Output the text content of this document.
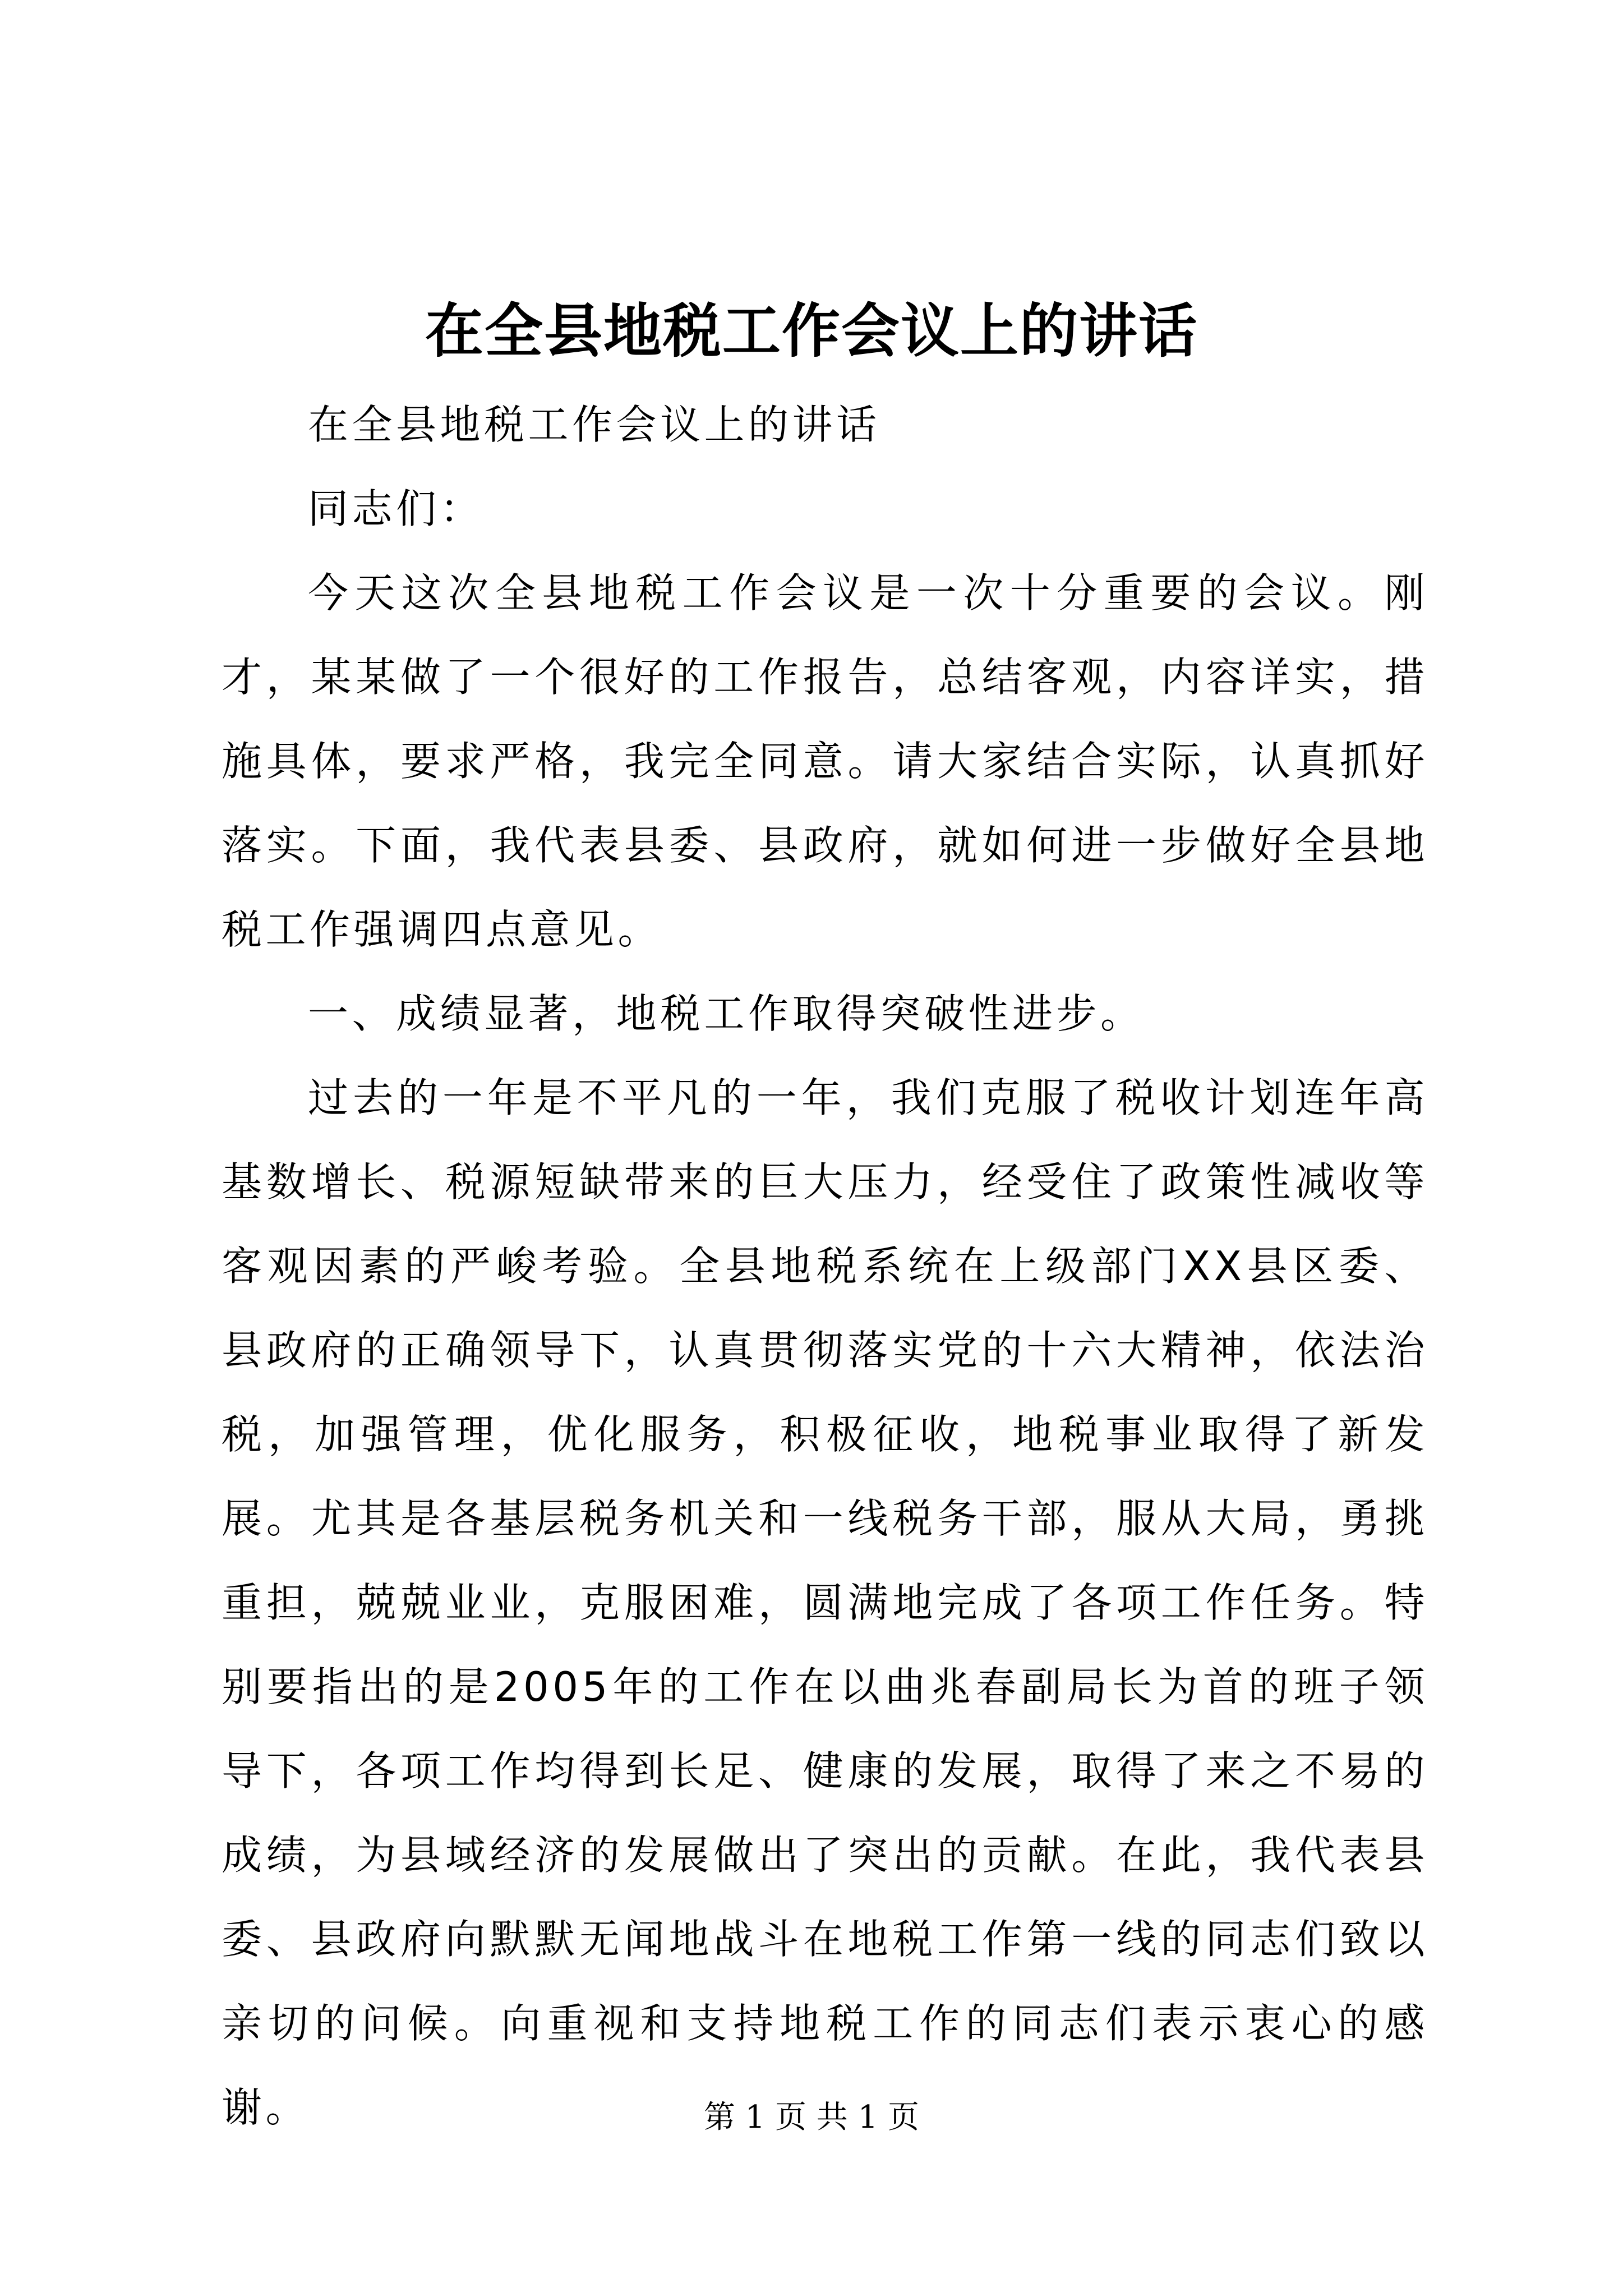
在全县地税工作会议上的讲话

在全县地税工作会议上的讲话

同志们：

今天这次全县地税工作会议是一次十分重要的会议。刚才，某某做了一个很好的工作报告，总结客观，内容详实，措施具体，要求严格，我完全同意。请大家结合实际，认真抓好落实。下面，我代表县委、县政府，就如何进一步做好全县地税工作强调四点意见。

一、成绩显著，地税工作取得突破性进步。

过去的一年是不平凡的一年，我们克服了税收计划连年高基数增长、税源短缺带来的巨大压力，经受住了政策性减收等客观因素的严峻考验。全县地税系统在上级部门XX县区委、县政府的正确领导下，认真贯彻落实党的十六大精神，依法治税，加强管理，优化服务，积极征收，地税事业取得了新发展。尤其是各基层税务机关和一线税务干部，服从大局，勇挑重担，兢兢业业，克服困难，圆满地完成了各项工作任务。特别要指出的是2005年的工作在以曲兆春副局长为首的班子领导下，各项工作均得到长足、健康的发展，取得了来之不易的成绩，为县域经济的发展做出了突出的贡献。在此，我代表县委、县政府向默默无闻地战斗在地税工作第一线的同志们致以亲切的问候。向重视和支持地税工作的同志们表示衷心的感谢。	第 1 页 共 1 页
